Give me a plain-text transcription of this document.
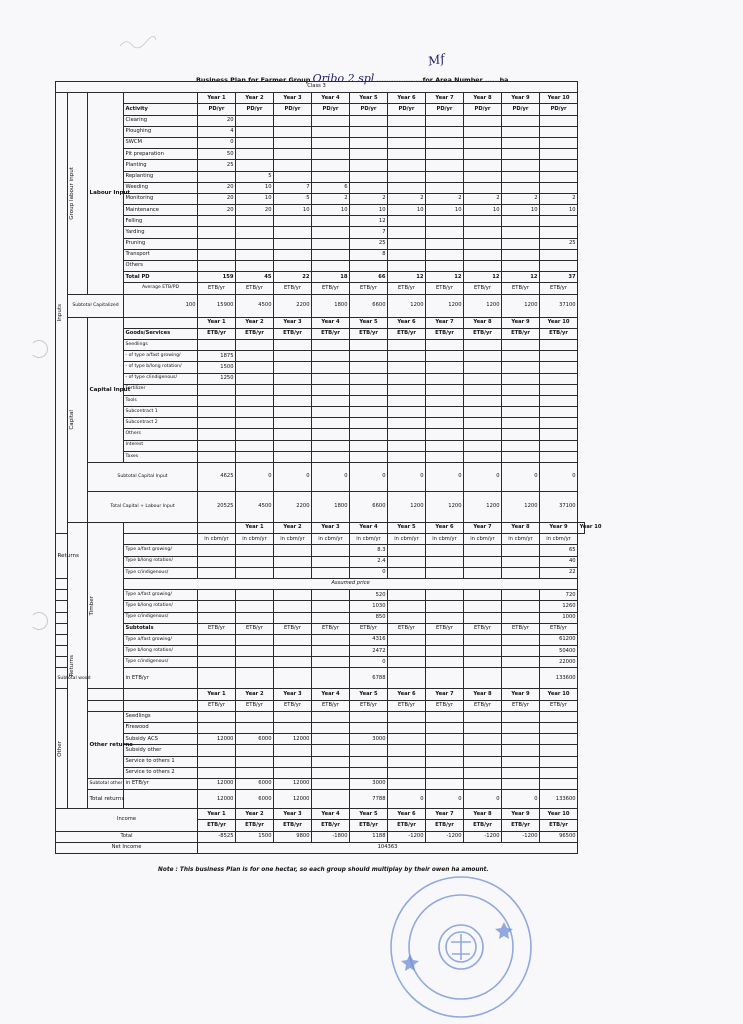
Business Plan for Farmer Group Oribo 2 spl ...................for Area Number ......ha
Mf
Class 3														

Inputs	Group labour input	Labour Input		Year 1	Year 2	Year 3	Year 4	Year 5	Year 6	Year 7	Year 8	Year 9	Year 10	
			Activity	PD/yr	PD/yr	PD/yr	PD/yr	PD/yr	PD/yr	PD/yr	PD/yr	PD/yr	PD/yr	
			Clearing	20										
			Ploughing	4										
			SWCM	0										
			Pit preparation	50										
			Planting	25										
			Replanting		5									
			Weeding	20	10	7	6							
			Monitoring	20	10	5	2	2	2	2	2	2	2	
			Maintenance	20	20	10	10	10	10	10	10	10	10	
			Felling					12						
			Yarding					7						
			Pruning					25					25	
			Transport					8						
			Others											
			Total PD	159	45	22	18	66	12	12	12	12	37	
			Average ETB/PD	ETB/yr	ETB/yr	ETB/yr	ETB/yr	ETB/yr	ETB/yr	ETB/yr	ETB/yr	ETB/yr	ETB/yr	
	Subtotal Capitalized		100	15900	4500	2200	1800	6600	1200	1200	1200	1200	37100	

	Capital	Capital Input		Year 1	Year 2	Year 3	Year 4	Year 5	Year 6	Year 7	Year 8	Year 9	Year 10	
			Goods/Services	ETB/yr	ETB/yr	ETB/yr	ETB/yr	ETB/yr	ETB/yr	ETB/yr	ETB/yr	ETB/yr	ETB/yr	
			Seedlings											
			- of type a/fast growing/	1875										
			- of type b/long rotation/	1500										
			- of type c/indigenous/	1250										
			Fertilizer											
			Tools											
			Subcontract 1											
			Subcontract 2											
			Others											
			Interest											
			Taxes											
		Subtotal Capital Input		4625	0	0	0	0	0	0	0	0	0	
		Total Capital + Labour Input		20525	4500	2200	1800	6600	1200	1200	1200	1200	37100	

	Returns	Timber			Year 1	Year 2	Year 3	Year 4	Year 5	Year 6	Year 7	Year 8	Year 9	Year 10
Returns				in cbm/yr	in cbm/yr	in cbm/yr	in cbm/yr	in cbm/yr	in cbm/yr	in cbm/yr	in cbm/yr	in cbm/yr	in cbm/yr	
			Type a/fast growing/					8.3					65	
			Type b/long rotation/					2.4					40	
			Type c/indigenous/					0					22	
			Assumed price											
			Type a/fast growing/					520					720	
			Type b/long rotation/					1030					1260	
			Type c/indigenous/					850					1000	
			Subtotals	ETB/yr	ETB/yr	ETB/yr	ETB/yr	ETB/yr	ETB/yr	ETB/yr	ETB/yr	ETB/yr	ETB/yr	
			Type a/fast growing/					4316					61200	
			Type b/long rotation/					2472					50400	
			Type c/indigenous/					0					22000	
Subtotal wood			in ETB/yr					6788					133600	

Other				Year 1	Year 2	Year 3	Year 4	Year 5	Year 6	Year 7	Year 8	Year 9	Year 10	
				ETB/yr	ETB/yr	ETB/yr	ETB/yr	ETB/yr	ETB/yr	ETB/yr	ETB/yr	ETB/yr	ETB/yr	
		Other returns	Seedlings											
			Firewood											
			Subsidy ACS	12000	6000	12000		3000						
			Subsidy other											
			Service to others 1											
			Service to others 2											
		Subtotal other	in ETB/yr	12000	6000	12000		3000						
		Total returns		12000	6000	12000		7788	0	0	0	0	133600	
Income				Year 1	Year 2	Year 3	Year 4	Year 5	Year 6	Year 7	Year 8	Year 9	Year 10	
				ETB/yr	ETB/yr	ETB/yr	ETB/yr	ETB/yr	ETB/yr	ETB/yr	ETB/yr	ETB/yr	ETB/yr	
Total				-8525	1500	9800	-1800	1188	-1200	-1200	-1200	-1200	96500	
Net Income				104363										
Note : This business Plan is for one hectar, so each group should multiplay by their owen ha amount.
